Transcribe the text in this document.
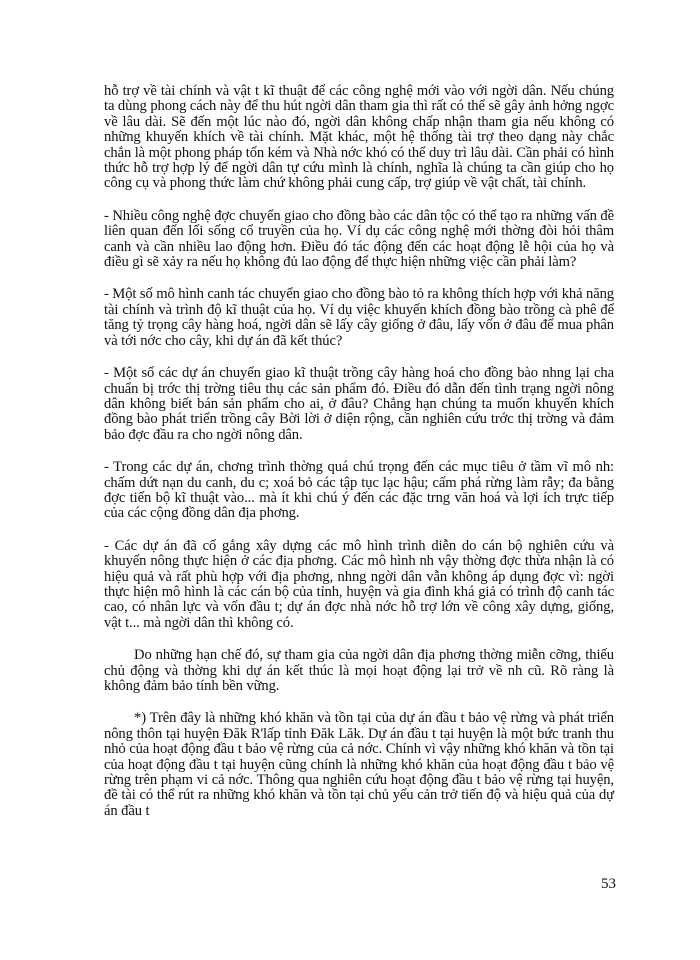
hỗ trợ về tài chính và vật t kĩ thuật để các công nghệ mới vào với ngời dân. Nếu chúng ta dùng phong cách này để thu hút ngời dân tham gia thì rất có thể sẽ gây ảnh hởng ngợc về lâu dài. Sẽ đến một lúc nào đó, ngời dân không chấp nhận tham gia nếu không có những khuyến khích về tài chính. Mặt khác, một hệ thống tài trợ theo dạng này chắc chắn là một phong pháp tốn kém và Nhà nớc khó có thể duy trì lâu dài. Cần phải có hình thức hỗ trợ hợp lý để ngời dân tự cứu mình là chính, nghĩa là chúng ta cần giúp cho họ công cụ và phong thức làm chứ không phải cung cấp, trợ giúp về vật chất, tài chính.

- Nhiều công nghệ đợc chuyển giao cho đồng bào các dân tộc có thể tạo ra những vấn đề liên quan đến lối sống cổ truyền của họ. Ví dụ các công nghệ mới thờng đòi hỏi thâm canh và cần nhiều lao động hơn. Điều đó tác động đến các hoạt động lễ hội của họ và điều gì sẽ xảy ra nếu họ không đủ lao động để thực hiện những việc cần phải làm?

- Một số mô hình canh tác chuyển giao cho đồng bào tỏ ra không thích hợp với khả năng tài chính và trình độ kĩ thuật của họ. Ví dụ việc khuyến khích đồng bào trồng cà phê để tăng tỷ trọng cây hàng hoá, ngời dân sẽ lấy cây giống ở đâu, lấy vốn ở đâu để mua phân và tới nớc cho cây, khi dự án đã kết thúc?

- Một số các dự án chuyển giao kĩ thuật trồng cây hàng hoá cho đồng bào nhng lại cha chuẩn bị trớc thị trờng tiêu thụ các sản phẩm đó. Điều đó dẫn đến tình trạng ngời nông dân không biết bán sản phẩm cho ai, ở đâu? Chẳng hạn chúng ta muốn khuyến khích đồng bào phát triển trồng cây Bời lời ở diện rộng, cần nghiên cứu trớc thị trờng và đảm bảo đợc đầu ra cho ngời nông dân.

- Trong các dự án, chơng trình thờng quá chú trọng đến các mục tiêu ở tầm vĩ mô nh: chấm dứt nạn du canh, du c; xoá bỏ các tập tục lạc hậu; cấm phá rừng làm rẫy; đa bằng đợc tiến bộ kĩ thuật vào... mà ít khi chú ý đến các đặc trng văn hoá và lợi ích trực tiếp của các cộng đồng dân địa phơng.

- Các dự án đã cố gắng xây dựng các mô hình trình diễn do cán bộ nghiên cứu và khuyến nông thực hiện ở các địa phơng. Các mô hình nh vậy thờng đợc thừa nhận là có hiệu quả và rất phù hợp với địa phơng, nhng ngời dân vẫn không áp dụng đợc vì: ngời thực hiện mô hình là các cán bộ của tỉnh, huyện và gia đình khá giả có trình độ canh tác cao, có nhân lực và vốn đầu t; dự án đợc nhà nớc hỗ trợ lớn về công xây dựng, giống, vật t... mà ngời dân thì không có.

Do những hạn chế đó, sự tham gia của ngời dân địa phơng thờng miễn cỡng, thiếu chủ động và thờng khi dự án kết thúc là mọi hoạt động lại trở về nh cũ. Rõ ràng là không đảm bảo tính bền vững.

*) Trên đây là những khó khăn và tồn tại của dự án đầu t bảo vệ rừng và phát triển nông thôn tại huyện Đăk R'lấp tỉnh Đăk Lăk. Dự án đầu t tại huyện là một bức tranh thu nhỏ của hoạt động đầu t bảo vệ rừng của cả nớc. Chính vì vậy những khó khăn và tồn tại của hoạt động đầu t tại huyện cũng chính là những khó khăn của hoạt động đầu t bảo vệ rừng trên phạm vi cả nớc. Thông qua nghiên cứu hoạt động đầu t bảo vệ rừng tại huyện, đề tài có thể rút ra những khó khăn và tồn tại chủ yếu cản trở tiến độ và hiệu quả của dự án đầu t

53
